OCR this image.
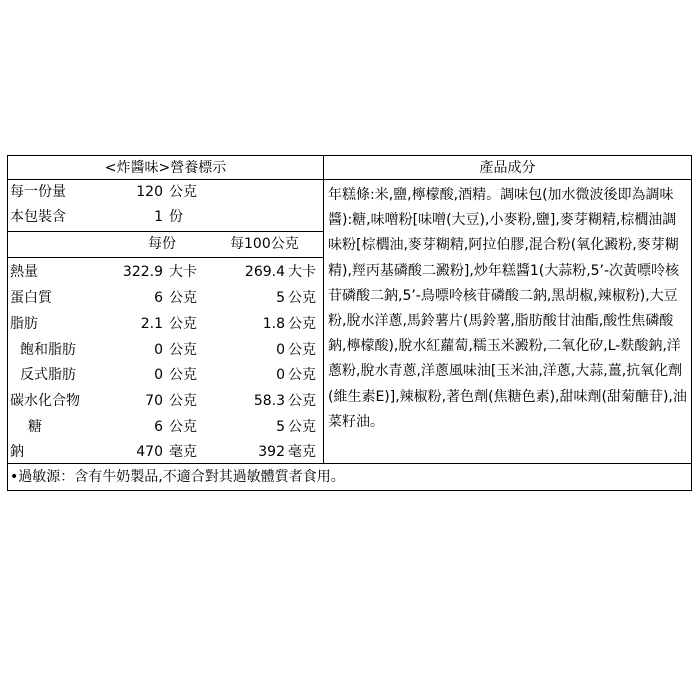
<炸醬味>營養標示
每一份量	120 公克
本包裝含	1 份
每份	每100公克
熱量	322.9 大卡	269.4 大卡
蛋白質	6 公克	5 公克
脂肪	2.1 公克	1.8 公克
飽和脂肪	0 公克	0 公克
反式脂肪	0 公克	0 公克
碳水化合物	70 公克	58.3 公克
糖	6 公克	5 公克
鈉	470 毫克	392 毫克
產品成分
年糕條:米,鹽,檸檬酸,酒精。調味包(加水微波後即為調味醬):糖,味噌粉[味噌(大豆),小麥粉,鹽],麥芽糊精,棕櫚油調味粉[棕櫚油,麥芽糊精,阿拉伯膠,混合粉(氧化澱粉,麥芽糊精),羥丙基磷酸二澱粉],炒年糕醬1(大蒜粉,5’-次黃嘌呤核苷磷酸二鈉,5’-鳥嘌呤核苷磷酸二鈉,黑胡椒,辣椒粉),大豆粉,脫水洋蔥,馬鈴薯片(馬鈴薯,脂肪酸甘油酯,酸性焦磷酸鈉,檸檬酸),脫水紅蘿蔔,糯玉米澱粉,二氧化矽,L-麩酸鈉,洋蔥粉,脫水青蔥,洋蔥風味油[玉米油,洋蔥,大蒜,薑,抗氧化劑(維生素E)],辣椒粉,著色劑(焦糖色素),甜味劑(甜菊醣苷),油菜籽油。
•過敏源：含有牛奶製品,不適合對其過敏體質者食用。
